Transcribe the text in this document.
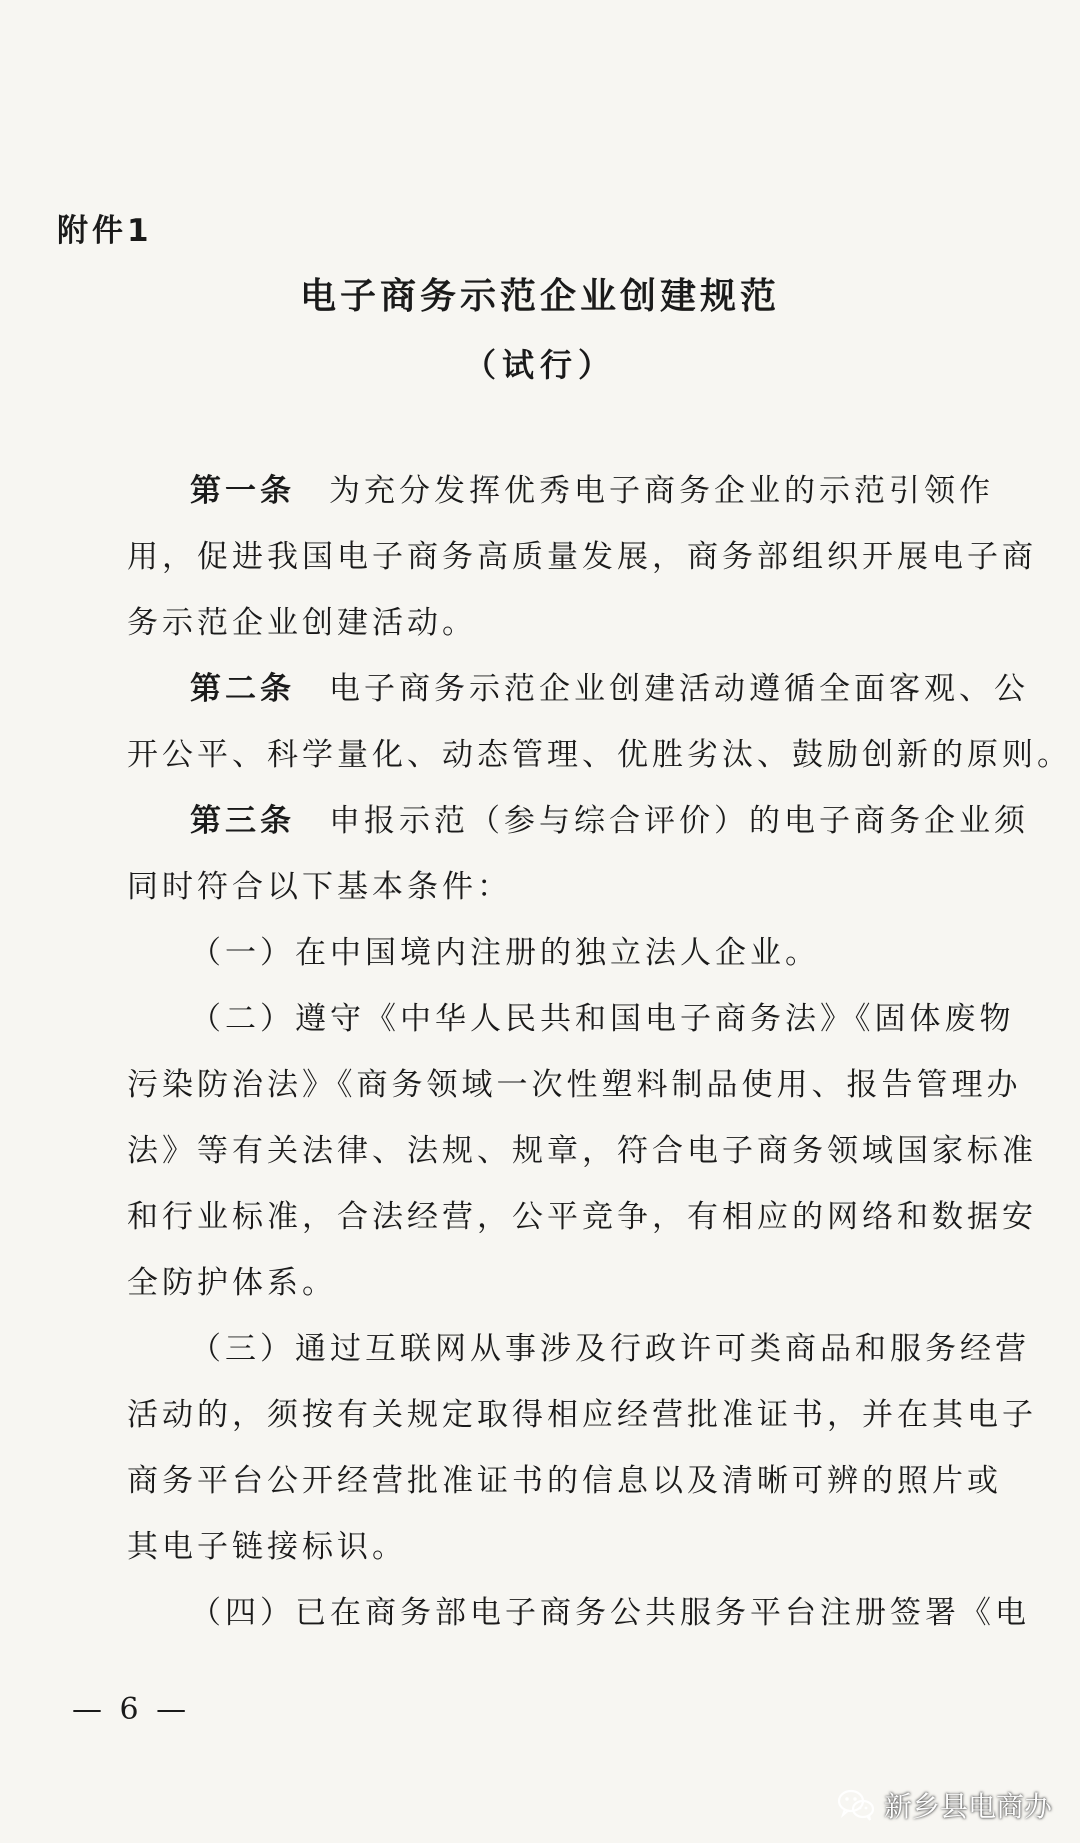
附件1
电子商务示范企业创建规范
（试行）
第一条 为充分发挥优秀电子商务企业的示范引领作
用，促进我国电子商务高质量发展，商务部组织开展电子商
务示范企业创建活动。
第二条 电子商务示范企业创建活动遵循全面客观、公
开公平、科学量化、动态管理、优胜劣汰、鼓励创新的原则。
第三条 申报示范（参与综合评价）的电子商务企业须
同时符合以下基本条件：
（一）在中国境内注册的独立法人企业。
（二）遵守《中华人民共和国电子商务法》《固体废物
污染防治法》《商务领域一次性塑料制品使用、报告管理办
法》等有关法律、法规、规章，符合电子商务领域国家标准
和行业标准，合法经营，公平竞争，有相应的网络和数据安
全防护体系。
（三）通过互联网从事涉及行政许可类商品和服务经营
活动的，须按有关规定取得相应经营批准证书，并在其电子
商务平台公开经营批准证书的信息以及清晰可辨的照片或
其电子链接标识。
（四）已在商务部电子商务公共服务平台注册签署《电
— 6 —
新乡县电商办
